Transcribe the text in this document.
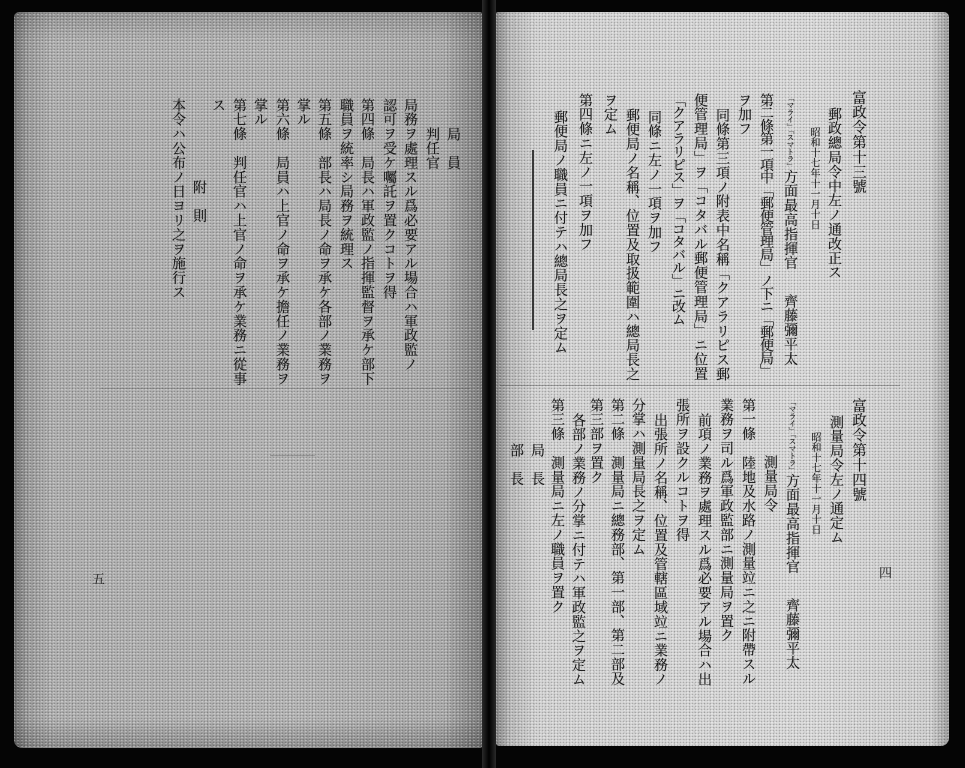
局　員
判任官
局務ヲ處理スル爲必要アル場合ハ軍政監ノ
認可ヲ受ケ囑託ヲ置クコトヲ得
第四條　局長ハ軍政監ノ指揮監督ヲ承ケ部下
職員ヲ統率シ局務ヲ統理ス
第五條　部長ハ局長ノ命ヲ承ケ各部ノ業務ヲ
掌ル
第六條　局員ハ上官ノ命ヲ承ケ擔任ノ業務ヲ
掌ル
第七條　判任官ハ上官ノ命ヲ承ケ業務ニ從事
ス
附　則
本令ハ公布ノ日ヨリ之ヲ施行ス
五
富政令第十三號
郵政總局令中左ノ通改正ス
昭和十七年十一月十日
「マライ」「スマトラ」方面最高指揮官齊藤彌平太
第二條第一項中「郵便管理局」ノ下ニ「郵便局」
ヲ加フ
同條第三項ノ附表中名稱「クアラリピス郵
便管理局」ヲ「コタバル郵便管理局」ニ位置
「クアラリピス」ヲ「コタバル」ニ改ム
同條ニ左ノ一項ヲ加フ
郵便局ノ名稱、位置及取扱範圍ハ總局長之
ヲ定ム
第四條ニ左ノ一項ヲ加フ
郵便局ノ職員ニ付テハ總局長之ヲ定ム
富政令第十四號
測量局令左ノ通定ム
昭和十七年十一月十日
「マライ」「スマトラ」方面最高指揮官齊藤彌平太
測量局令
第一條　陸地及水路ノ測量竝ニ之ニ附帶スル
業務ヲ司ル爲軍政監部ニ測量局ヲ置ク
前項ノ業務ヲ處理スル爲必要アル場合ハ出
張所ヲ設クルコトヲ得
出張所ノ名稱、位置及管轄區域竝ニ業務ノ
分掌ハ測量局長之ヲ定ム
第二條　測量局ニ總務部、第一部、第二部及
第三部ヲ置ク
各部ノ業務ノ分掌ニ付テハ軍政監之ヲ定ム
第三條　測量局ニ左ノ職員ヲ置ク
局　長
部　長
四
